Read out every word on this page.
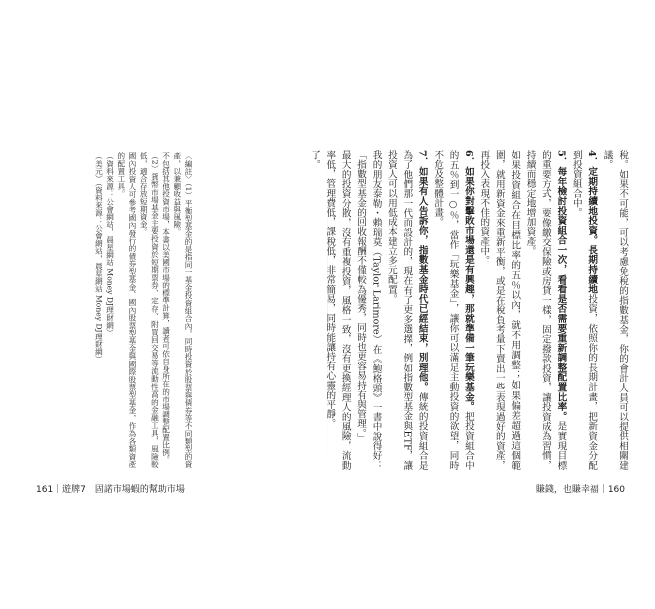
稅。如果不可能，可以考慮免稅的指數基金，你的會計人員可以提供相關建議。

4．定期持續地投資。長期持續地投資，依照你的長期計畫，把新資金分配到投資組合中。

5．每年檢討投資組合一次，看看是否需要重新調整配置比率。是實現目標的重要方式，要像繳交保險或房貸一樣，固定撥款投資，讓投資成為習慣，持續而穩定地增加資產。

如果投資組合在目標比率的五％以內，就不用調整；如果偏差超過這個範圍，就用新資金來重新平衡，或是在稅負考量下賣出一些表現過好的資產，再投入表現不佳的資產中。

6．如果你對擊敗市場還是有興趣，那就準備一筆玩樂基金。把投資組合中的五％到一○％，當作「玩樂基金」，讓你可以滿足主動投資的欲望，同時不危及整體計畫。

7．如果有人告訴你，指數基金時代已經結束，別理他。傳統的投資組合是為了他們那一代而設計的，現在有了更多選擇，例如指數型基金與ETF，讓投資人可以用低成本建立多元配置。

我的朋友泰勒・賴瑞莫（Taylor Larimore）在《鮑格頭》一書中說得好：「指數型基金的回收報酬不僅較為優秀，同時也更容易持有與管理。」

最大的投資分散，沒有重複投資，風格一致，沒有更換經理人的風險，流動率低，管理費低，課稅低，非常簡易，同時能讓持有心靈的平靜。

了。

〈編註〉（1）平衡型基金的是指同一基金投資組合內，同時投資於股票與債券等不同類型的資產，以兼顧收益與風險。

不包括其他投資市場，本書以美國市場的標準計算，讀者可依自身所在的市場調整配置比例。

（2）貨幣市場基金主要投資於短期票券、定存、附買回交易等流動性高的金融工具，風險較低，適合存放短期資金。

國內投資人可參考國內發行的債券型基金、國內股票型基金與國際股票型基金，作為各類資產的配置工具。

（資料來源：公會網站，晨星網站 Money DJ理財網）

（美元）（資料來源：公會網站，晨星網站 Money DJ理財網）

161｜遊牌7　固諾市場蝦的幫助市場	賺錢，也賺幸福｜160
